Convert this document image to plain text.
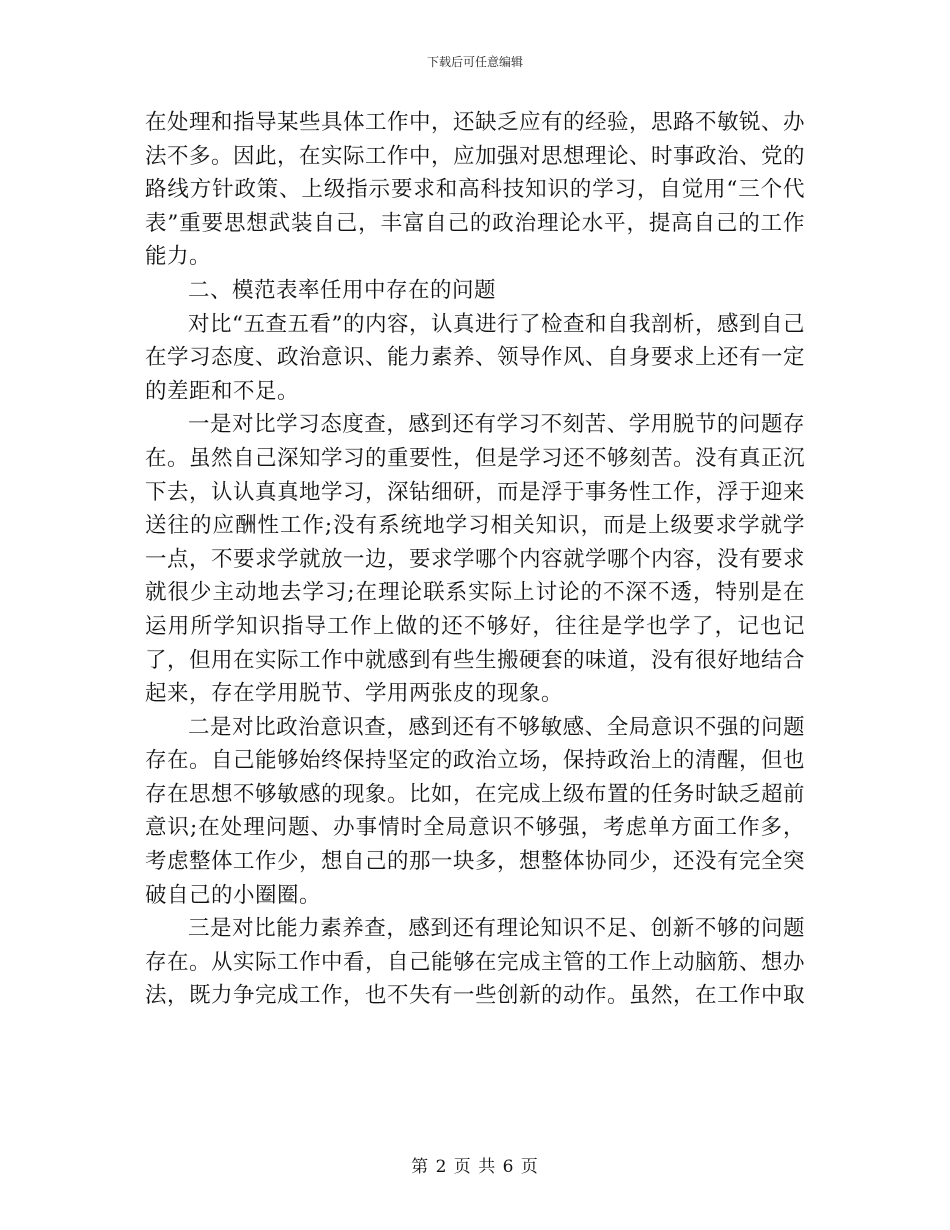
下载后可任意编辑

在处理和指导某些具体工作中，还缺乏应有的经验，思路不敏锐、办法不多。因此，在实际工作中，应加强对思想理论、时事政治、党的路线方针政策、上级指示要求和高科技知识的学习，自觉用“三个代表”重要思想武装自己，丰富自己的政治理论水平，提高自己的工作能力。

二、模范表率任用中存在的问题

对比“五查五看”的内容，认真进行了检查和自我剖析，感到自己在学习态度、政治意识、能力素养、领导作风、自身要求上还有一定的差距和不足。

一是对比学习态度查，感到还有学习不刻苦、学用脱节的问题存在。虽然自己深知学习的重要性，但是学习还不够刻苦。没有真正沉下去，认认真真地学习，深钻细研，而是浮于事务性工作，浮于迎来送往的应酬性工作;没有系统地学习相关知识，而是上级要求学就学一点，不要求学就放一边，要求学哪个内容就学哪个内容，没有要求就很少主动地去学习;在理论联系实际上讨论的不深不透，特别是在运用所学知识指导工作上做的还不够好，往往是学也学了，记也记了，但用在实际工作中就感到有些生搬硬套的味道，没有很好地结合起来，存在学用脱节、学用两张皮的现象。

二是对比政治意识查，感到还有不够敏感、全局意识不强的问题存在。自己能够始终保持坚定的政治立场，保持政治上的清醒，但也存在思想不够敏感的现象。比如，在完成上级布置的任务时缺乏超前意识;在处理问题、办事情时全局意识不够强，考虑单方面工作多，考虑整体工作少，想自己的那一块多，想整体协同少，还没有完全突破自己的小圈圈。

三是对比能力素养查，感到还有理论知识不足、创新不够的问题存在。从实际工作中看，自己能够在完成主管的工作上动脑筋、想办法，既力争完成工作，也不失有一些创新的动作。虽然，在工作中取

第 2 页 共 6 页
